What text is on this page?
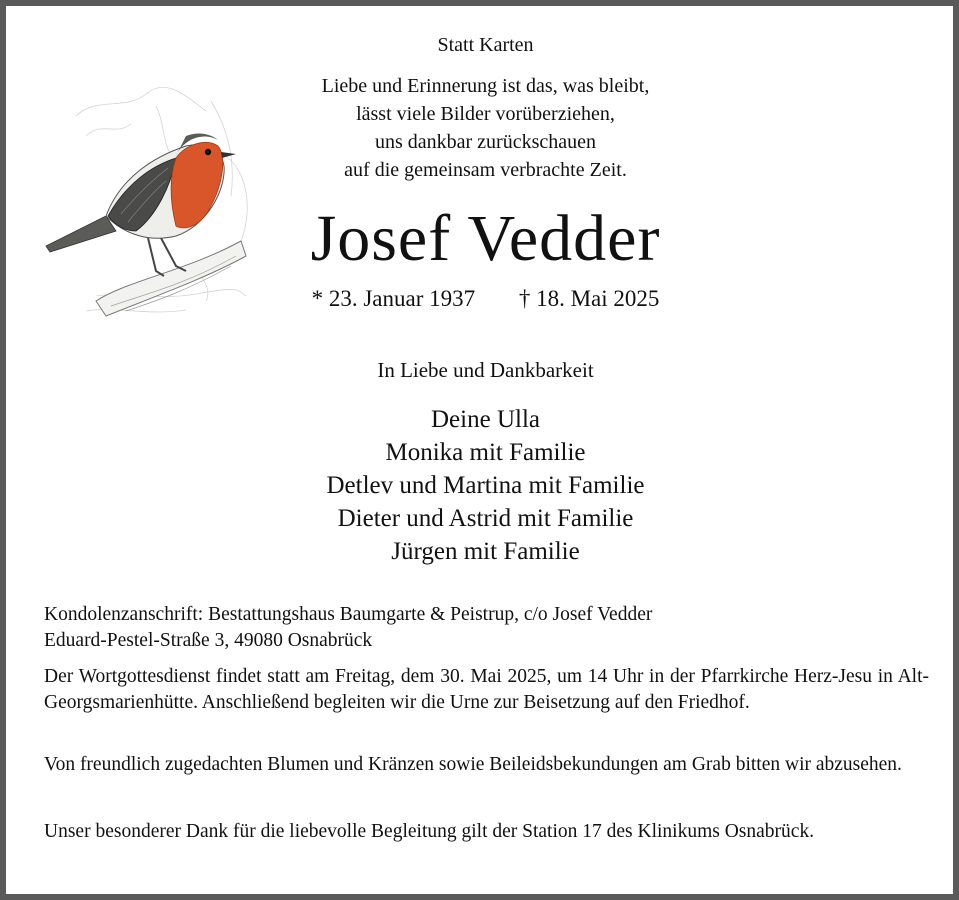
Statt Karten
Liebe und Erinnerung ist das, was bleibt,
lässt viele Bilder vorüberziehen,
uns dankbar zurückschauen
auf die gemeinsam verbrachte Zeit.
Josef Vedder
* 23. Januar 1937 † 18. Mai 2025
In Liebe und Dankbarkeit
Deine Ulla
Monika mit Familie
Detlev und Martina mit Familie
Dieter und Astrid mit Familie
Jürgen mit Familie
Kondolenzanschrift: Bestattungshaus Baumgarte & Peistrup, c/o Josef Vedder
Eduard-Pestel-Straße 3, 49080 Osnabrück
Der Wortgottesdienst findet statt am Freitag, dem 30. Mai 2025, um 14 Uhr in der Pfarrkirche Herz-Jesu in Alt-Georgsmarienhütte. Anschließend begleiten wir die Urne zur Beisetzung auf den Friedhof.
Von freundlich zugedachten Blumen und Kränzen sowie Beileidsbekundungen am Grab bitten wir abzusehen.
Unser besonderer Dank für die liebevolle Begleitung gilt der Station 17 des Klinikums Osnabrück.
